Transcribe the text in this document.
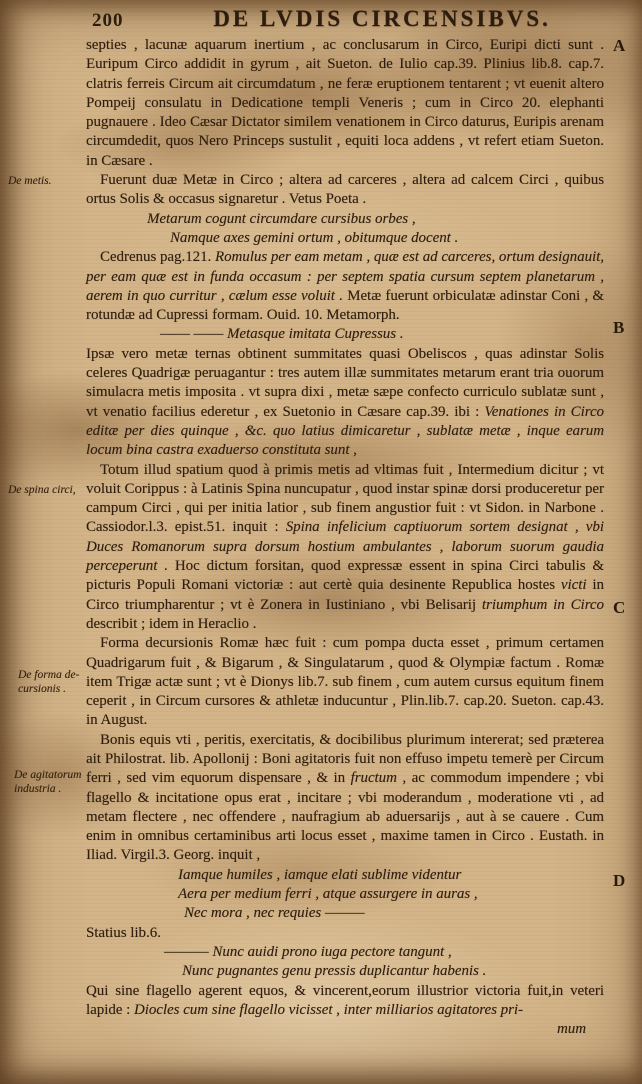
200	DE LVDIS CIRCENSIBVS.
De metis.
De spina circi,
De forma de-
cursionis .
De agitatorum
industria .
A
B
C
D

septies , lacunæ aquarum inertium , ac conclusarum in Circo, Euripi dicti sunt . Euripum Circo addidit in gyrum , ait Sueton. de Iulio cap.39. Plinius lib.8. cap.7. clatris ferreis Circum ait circumdatum , ne feræ eruptionem tentarent ; vt euenit altero Pompeij consulatu in Dedicatione templi Veneris ; cum in Circo 20. elephanti pugnauere . Ideo Cæsar Dictator similem venationem in Circo daturus, Euripis arenam circumdedit, quos Nero Princeps sustulit , equiti loca addens , vt refert etiam Sueton. in Cæsare .

Fuerunt duæ Metæ in Circo ; altera ad carceres , altera ad calcem Circi , quibus ortus Solis & occasus signaretur . Vetus Poeta .

Metarum cogunt circumdare cursibus orbes ,

Namque axes gemini ortum , obitumque docent .

Cedrenus pag.121. Romulus per eam metam , quæ est ad carceres, ortum designauit, per eam quæ est in funda occasum : per septem spatia cursum septem planetarum , aerem in quo curritur , cælum esse voluit . Metæ fuerunt orbiculatæ adinstar Coni , & rotundæ ad Cupressi formam. Ouid. 10. Metamorph.

—— —— Metasque imitata Cupressus .

Ipsæ vero metæ ternas obtinent summitates quasi Obeliscos , quas adinstar Solis celeres Quadrigæ peruagantur : tres autem illæ summitates metarum erant tria ouorum simulacra metis imposita . vt supra dixi , metæ sæpe confecto curriculo sublatæ sunt , vt venatio facilius ederetur , ex Suetonio in Cæsare cap.39. ibi : Venationes in Circo editæ per dies quinque , &c. quo latius dimicaretur , sublatæ metæ , inque earum locum bina castra exaduerso constituta sunt ,

Totum illud spatium quod à primis metis ad vltimas fuit , Intermedium dicitur ; vt voluit Corippus : à Latinis Spina nuncupatur , quod instar spinæ dorsi produceretur per campum Circi , qui per initia latior , sub finem angustior fuit : vt Sidon. in Narbone . Cassiodor.l.3. epist.51. inquit : Spina infelicium captiuorum sortem designat , vbi Duces Romanorum supra dorsum hostium ambulantes , laborum suorum gaudia perceperunt . Hoc dictum forsitan, quod expressæ essent in spina Circi tabulis & picturis Populi Romani victoriæ : aut certè quia desinente Republica hostes victi in Circo triumpharentur ; vt è Zonera in Iustiniano , vbi Belisarij triumphum in Circo describit ; idem in Heraclio .

Forma decursionis Romæ hæc fuit : cum pompa ducta esset , primum certamen Quadrigarum fuit , & Bigarum , & Singulatarum , quod & Olympiæ factum . Romæ item Trigæ actæ sunt ; vt è Dionys lib.7. sub finem , cum autem cursus equitum finem ceperit , in Circum cursores & athletæ inducuntur , Plin.lib.7. cap.20. Sueton. cap.43. in August.

Bonis equis vti , peritis, exercitatis, & docibilibus plurimum intererat; sed præterea ait Philostrat. lib. Apollonij : Boni agitatoris fuit non effuso impetu temerè per Circum ferri , sed vim equorum dispensare , & in fructum , ac commodum impendere ; vbi flagello & incitatione opus erat , incitare ; vbi moderandum , moderatione vti , ad metam flectere , nec offendere , naufragium ab aduersarijs , aut à se cauere . Cum enim in omnibus certaminibus arti locus esset , maxime tamen in Circo . Eustath. in Iliad. Virgil.3. Georg. inquit ,

Iamque humiles , iamque elati sublime videntur

Aera per medium ferri , atque assurgere in auras ,

Nec mora , nec requies ———

Statius lib.6.

——— Nunc auidi prono iuga pectore tangunt ,

Nunc pugnantes genu pressis duplicantur habenis .

Qui sine flagello agerent equos, & vincerent,eorum illustrior victoria fuit,in veteri lapide : Diocles cum sine flagello vicisset , inter milliarios agitatores pri-

mum
